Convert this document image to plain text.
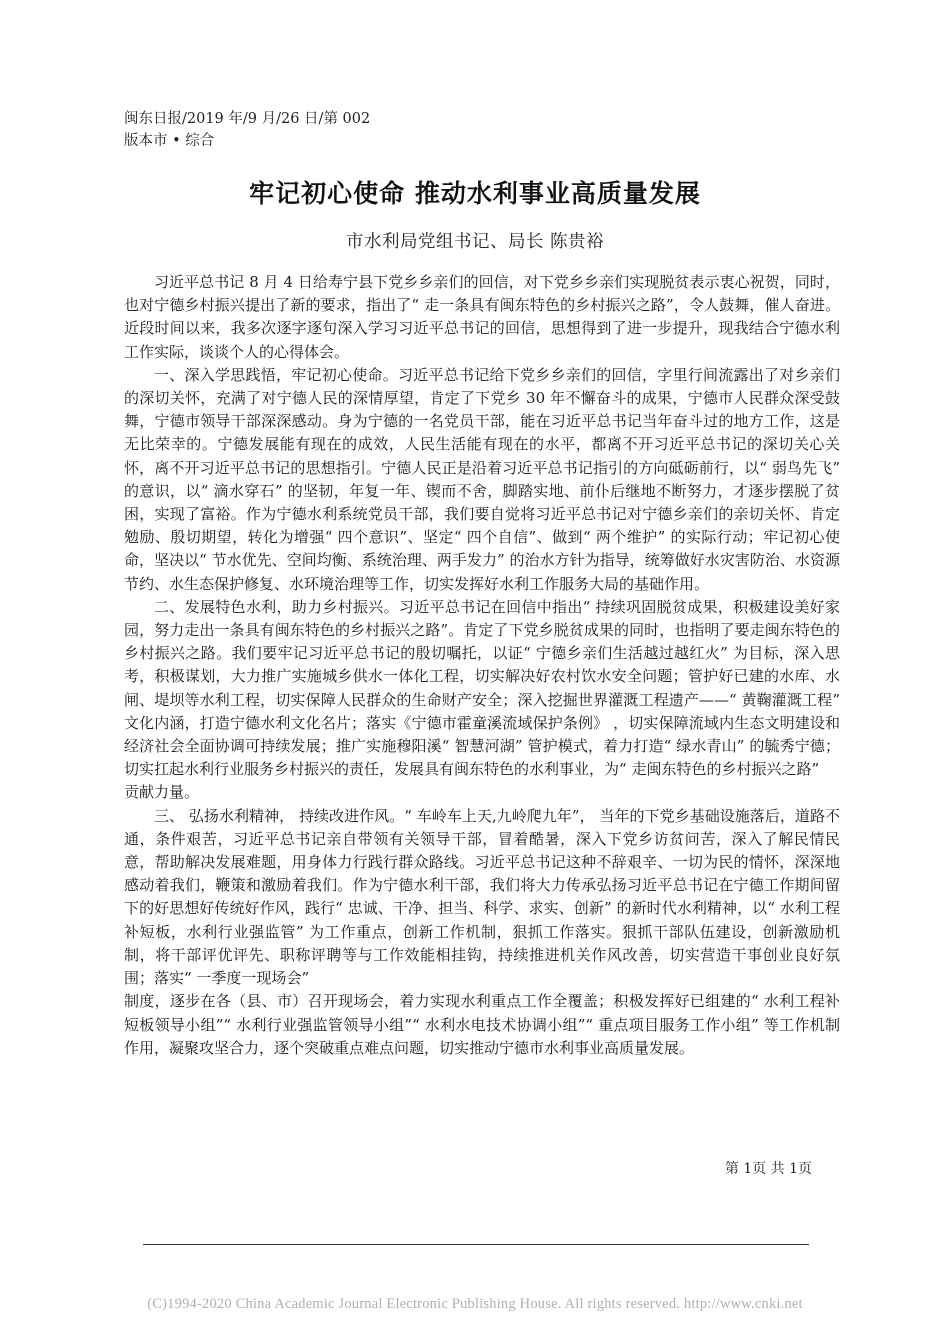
闽东日报/2019 年/9 月/26 日/第 002
版本市 • 综合
牢记初心使命 推动水利事业高质量发展
市水利局党组书记、局长 陈贵裕

习近平总书记 8 月 4 日给寿宁县下党乡乡亲们的回信，对下党乡乡亲们实现脱贫表示衷心祝贺，同时，也对宁德乡村振兴提出了新的要求，指出了“ 走一条具有闽东特色的乡村振兴之路”，令人鼓舞，催人奋进。近段时间以来，我多次逐字逐句深入学习习近平总书记的回信，思想得到了进一步提升，现我结合宁德水利工作实际，谈谈个人的心得体会。

一、深入学思践悟，牢记初心使命。习近平总书记给下党乡乡亲们的回信，字里行间流露出了对乡亲们的深切关怀，充满了对宁德人民的深情厚望，肯定了下党乡 30 年不懈奋斗的成果，宁德市人民群众深受鼓舞，宁德市领导干部深深感动。身为宁德的一名党员干部，能在习近平总书记当年奋斗过的地方工作，这是无比荣幸的。宁德发展能有现在的成效，人民生活能有现在的水平，都离不开习近平总书记的深切关心关怀，离不开习近平总书记的思想指引。宁德人民正是沿着习近平总书记指引的方向砥砺前行，以“ 弱鸟先飞” 的意识，以“ 滴水穿石” 的坚韧，年复一年、锲而不舍，脚踏实地、前仆后继地不断努力，才逐步摆脱了贫困，实现了富裕。作为宁德水利系统党员干部，我们要自觉将习近平总书记对宁德乡亲们的亲切关怀、肯定勉励、殷切期望，转化为增强“ 四个意识”、坚定“ 四个自信”、做到“ 两个维护” 的实际行动；牢记初心使命，坚决以“ 节水优先、空间均衡、系统治理、两手发力” 的治水方针为指导，统筹做好水灾害防治、水资源节约、水生态保护修复、水环境治理等工作，切实发挥好水利工作服务大局的基础作用。

二、发展特色水利，助力乡村振兴。习近平总书记在回信中指出“ 持续巩固脱贫成果，积极建设美好家园，努力走出一条具有闽东特色的乡村振兴之路”。肯定了下党乡脱贫成果的同时，也指明了要走闽东特色的乡村振兴之路。我们要牢记习近平总书记的殷切嘱托，以证“ 宁德乡亲们生活越过越红火” 为目标，深入思考，积极谋划，大力推广实施城乡供水一体化工程，切实解决好农村饮水安全问题；管护好已建的水库、水闸、堤坝等水利工程，切实保障人民群众的生命财产安全；深入挖掘世界灌溉工程遗产——“ 黄鞠灌溉工程” 文化内涵，打造宁德水利文化名片；落实《宁德市霍童溪流域保护条例》 ，切实保障流域内生态文明建设和经济社会全面协调可持续发展；推广实施穆阳溪“ 智慧河湖” 管护模式，着力打造“ 绿水青山” 的毓秀宁德；切实扛起水利行业服务乡村振兴的责任，发展具有闽东特色的水利事业，为“ 走闽东特色的乡村振兴之路”

贡献力量。

三、 弘扬水利精神， 持续改进作风。“ 车岭车上天,九岭爬九年”， 当年的下党乡基础设施落后，道路不通，条件艰苦，习近平总书记亲自带领有关领导干部，冒着酷暑，深入下党乡访贫问苦，深入了解民情民意，帮助解决发展难题，用身体力行践行群众路线。习近平总书记这种不辞艰辛、一切为民的情怀，深深地感动着我们，鞭策和激励着我们。作为宁德水利干部，我们将大力传承弘扬习近平总书记在宁德工作期间留下的好思想好传统好作风，践行“ 忠诚、干净、担当、科学、求实、创新” 的新时代水利精神，以“ 水利工程补短板，水利行业强监管” 为工作重点，创新工作机制，狠抓工作落实。狠抓干部队伍建设，创新激励机制，将干部评优评先、职称评聘等与工作效能相挂钩，持续推进机关作风改善，切实营造干事创业良好氛围；落实“ 一季度一现场会”

制度，逐步在各（县、市）召开现场会，着力实现水利重点工作全覆盖；积极发挥好已组建的“ 水利工程补短板领导小组”“ 水利行业强监管领导小组”“ 水利水电技术协调小组”“ 重点项目服务工作小组” 等工作机制作用，凝聚攻坚合力，逐个突破重点难点问题，切实推动宁德市水利事业高质量发展。

第 1页 共 1页
(C)1994-2020 China Academic Journal Electronic Publishing House. All rights reserved. http://www.cnki.net
